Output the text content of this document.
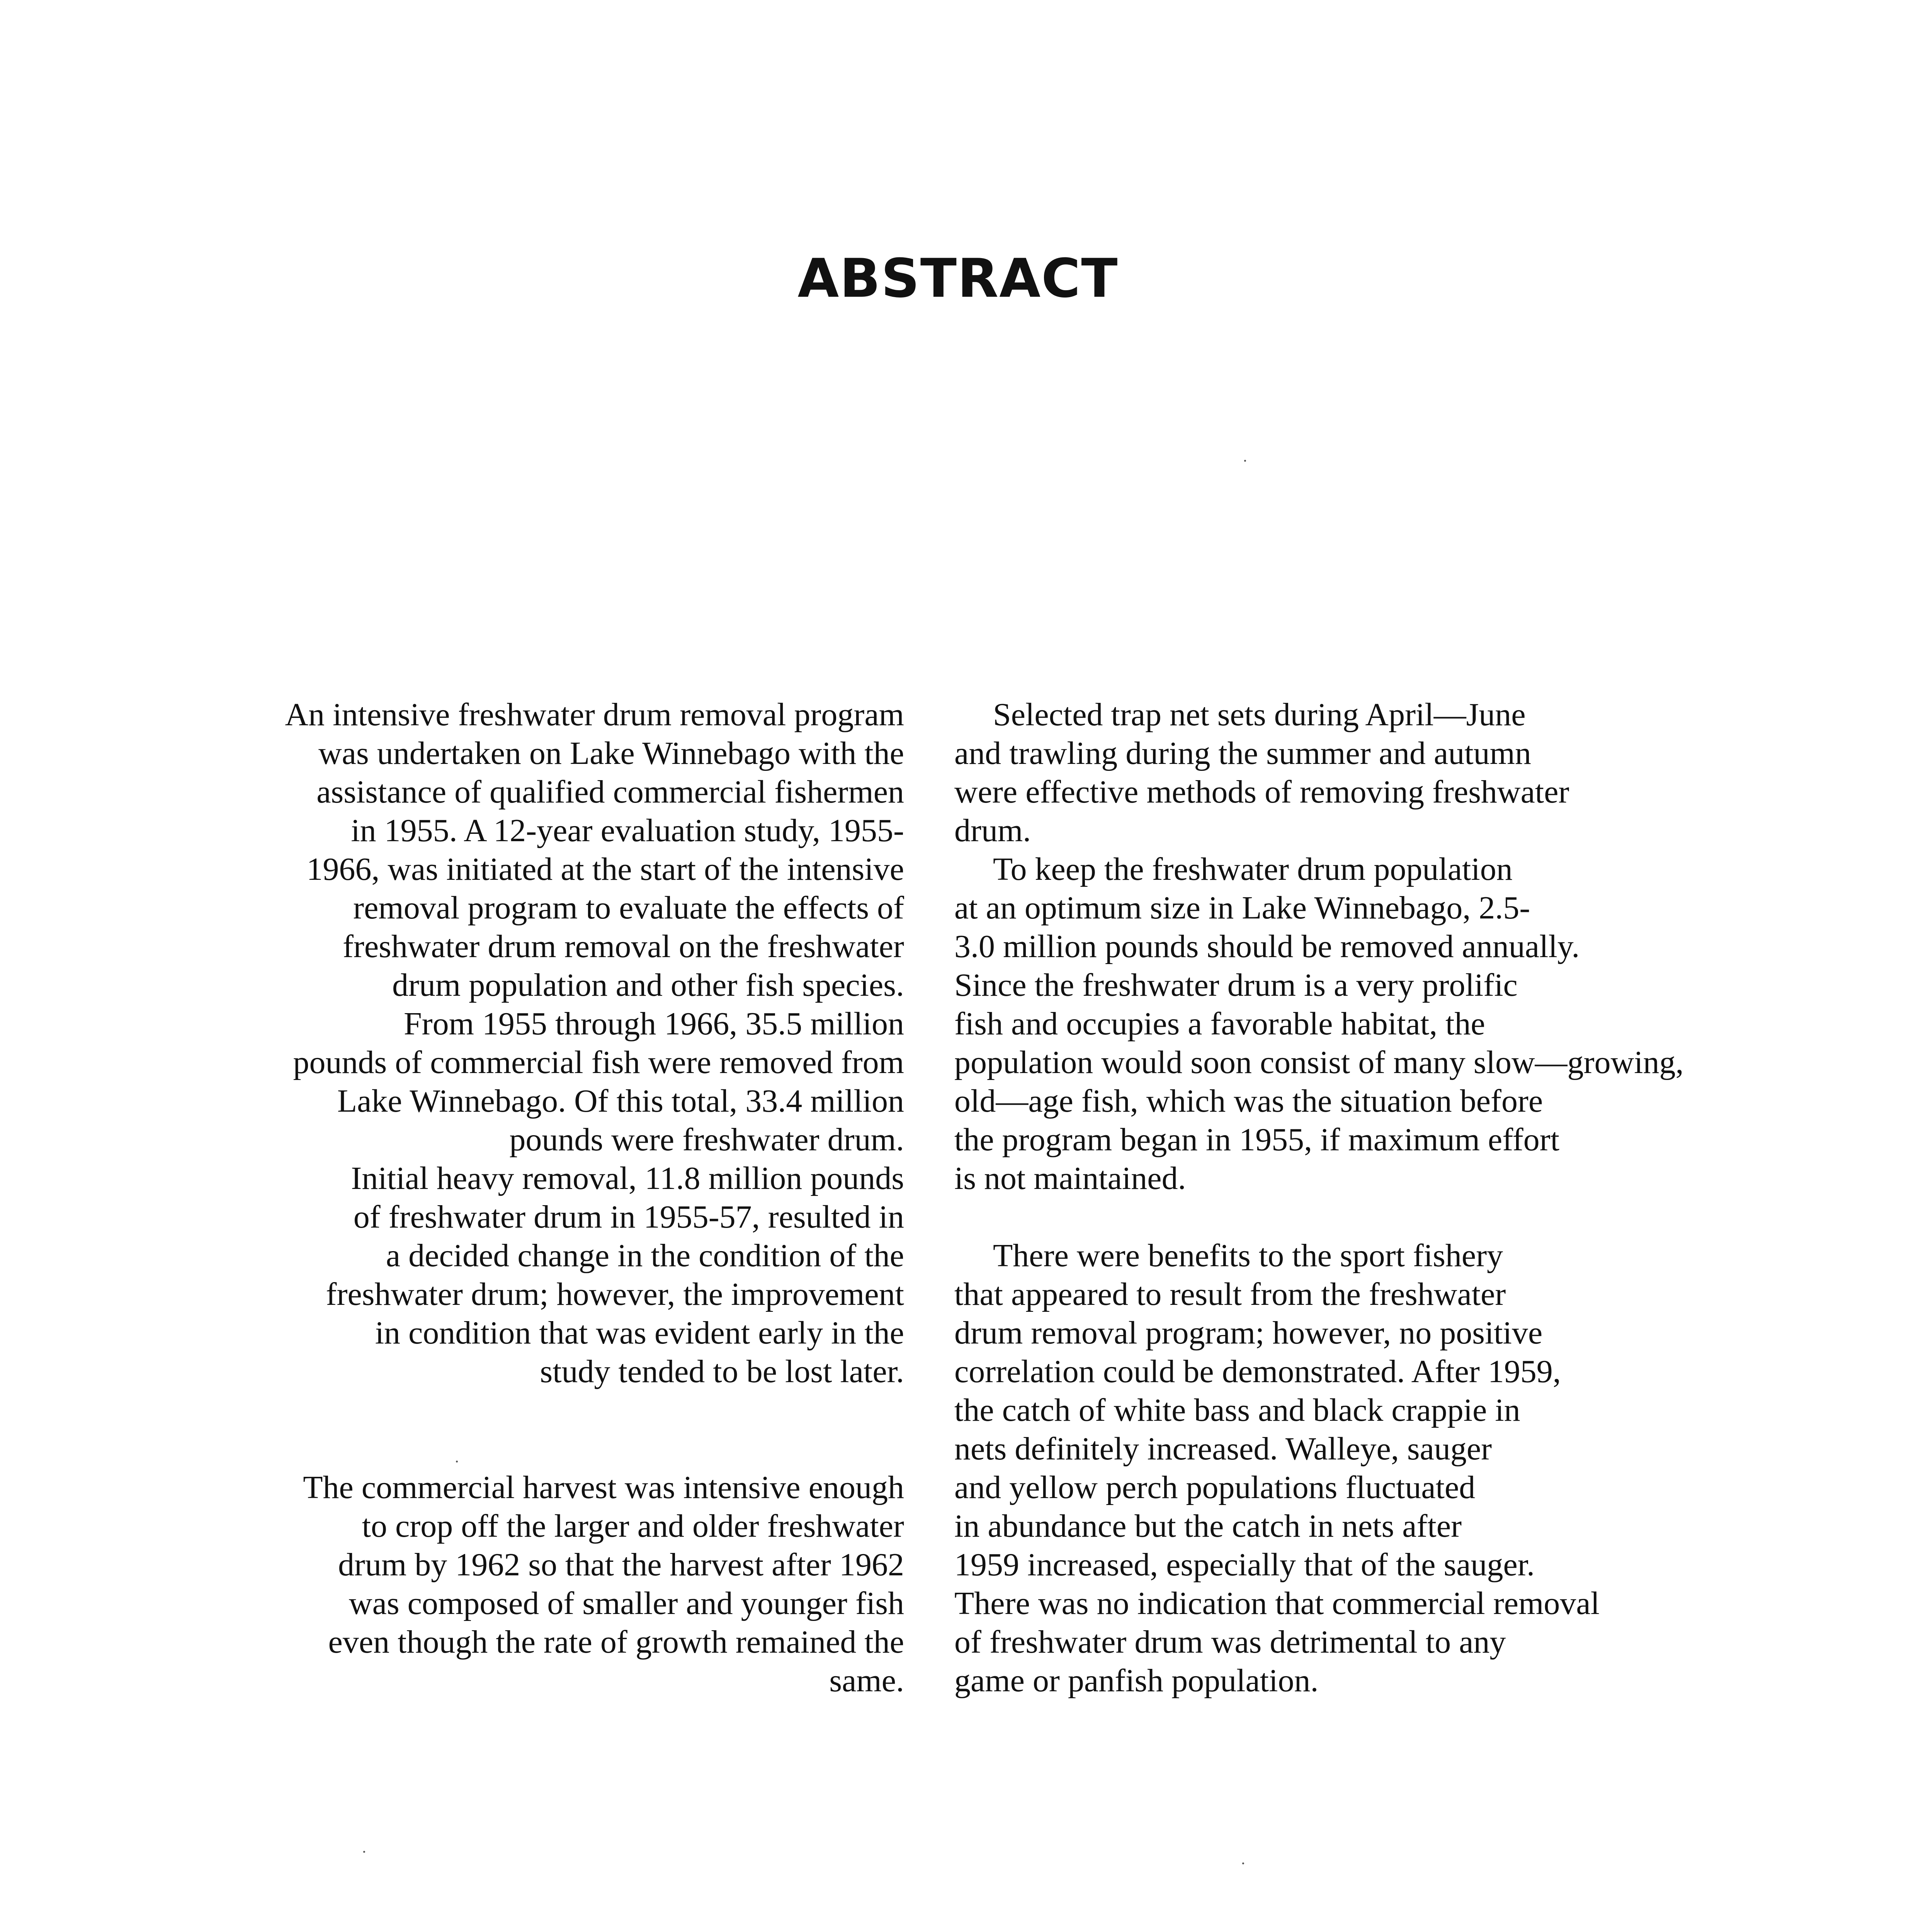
ABSTRACT
An intensive freshwater drum removal program
was undertaken on Lake Winnebago with the
assistance of qualified commercial fishermen
in 1955. A 12-year evaluation study, 1955-
1966, was initiated at the start of the intensive
removal program to evaluate the effects of
freshwater drum removal on the freshwater
drum population and other fish species.
From 1955 through 1966, 35.5 million
pounds of commercial fish were removed from
Lake Winnebago. Of this total, 33.4 million
pounds were freshwater drum.
Initial heavy removal, 11.8 million pounds
of freshwater drum in 1955-57, resulted in
a decided change in the condition of the
freshwater drum; however, the improvement
in condition that was evident early in the
study tended to be lost later.
The commercial harvest was intensive enough
to crop off the larger and older freshwater
drum by 1962 so that the harvest after 1962
was composed of smaller and younger fish
even though the rate of growth remained the
same.
Selected trap net sets during April—June
and trawling during the summer and autumn
were effective methods of removing freshwater
drum.
To keep the freshwater drum population
at an optimum size in Lake Winnebago, 2.5-
3.0 million pounds should be removed annually.
Since the freshwater drum is a very prolific
fish and occupies a favorable habitat, the
population would soon consist of many slow—growing,
old—age fish, which was the situation before
the program began in 1955, if maximum effort
is not maintained.
There were benefits to the sport fishery
that appeared to result from the freshwater
drum removal program; however, no positive
correlation could be demonstrated. After 1959,
the catch of white bass and black crappie in
nets definitely increased. Walleye, sauger
and yellow perch populations fluctuated
in abundance but the catch in nets after
1959 increased, especially that of the sauger.
There was no indication that commercial removal
of freshwater drum was detrimental to any
game or panfish population.
